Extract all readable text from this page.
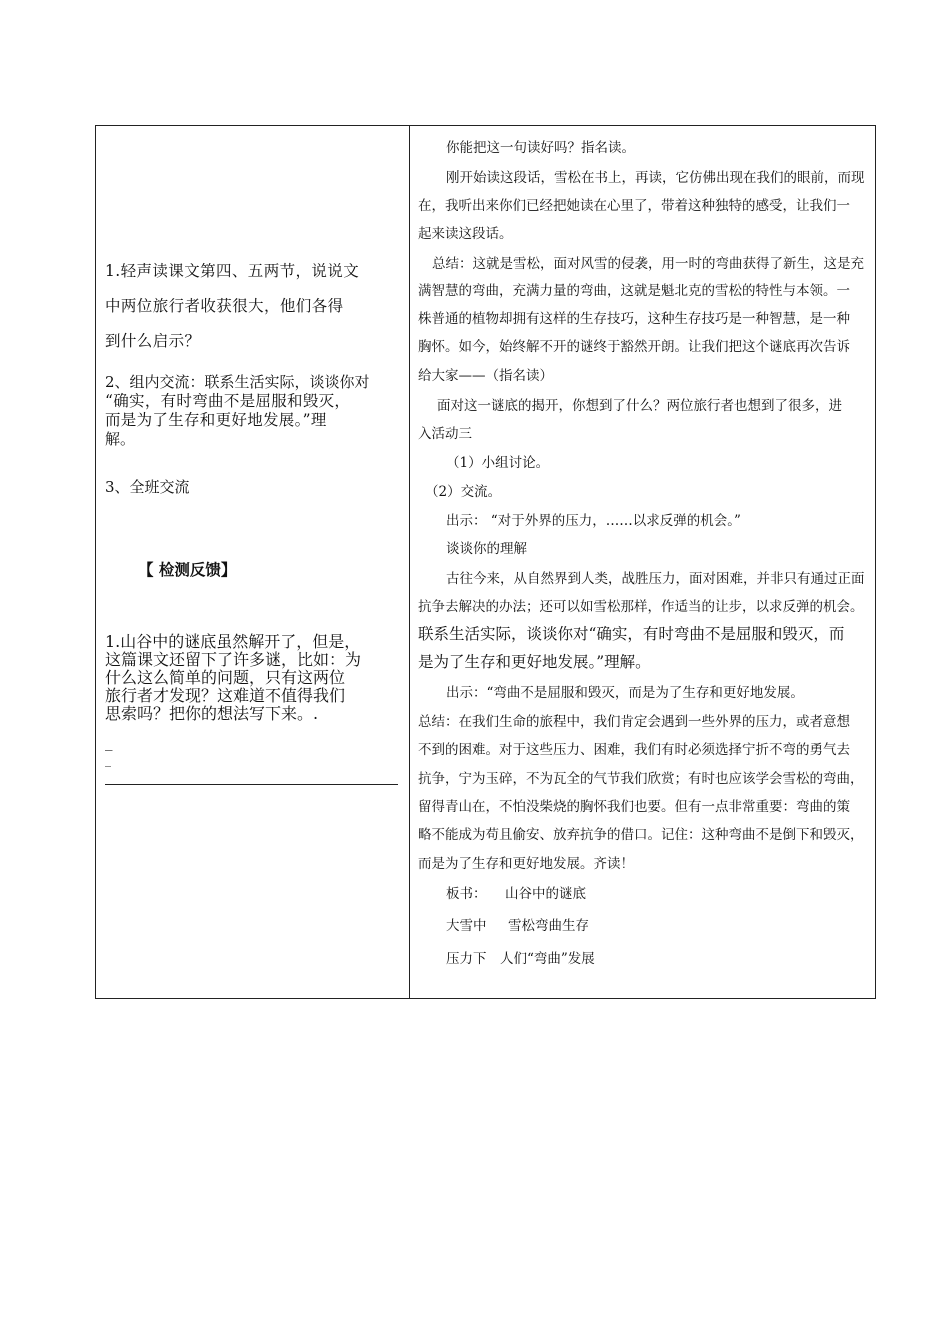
1.轻声读课文第四、五两节，说说文
中两位旅行者收获很大，他们各得
到什么启示？
2、组内交流：联系生活实际，谈谈你对
“确实，有时弯曲不是屈服和毁灭，
而是为了生存和更好地发展。”理
解。
3、全班交流
【 检测反馈】
1.山谷中的谜底虽然解开了，但是，
这篇课文还留下了许多谜，比如：为
什么这么简单的问题，只有这两位
旅行者才发现？这难道不值得我们
思索吗？把你的想法写下来。.
_
_
你能把这一句读好吗？指名读。
刚开始读这段话，雪松在书上，再读，它仿佛出现在我们的眼前，而现
在，我听出来你们已经把她读在心里了，带着这种独特的感受，让我们一
起来读这段话。
总结：这就是雪松，面对风雪的侵袭，用一时的弯曲获得了新生，这是充
满智慧的弯曲，充满力量的弯曲，这就是魁北克的雪松的特性与本领。一
株普通的植物却拥有这样的生存技巧，这种生存技巧是一种智慧，是一种
胸怀。如今，始终解不开的谜终于豁然开朗。让我们把这个谜底再次告诉
给大家——（指名读）
面对这一谜底的揭开，你想到了什么？两位旅行者也想到了很多，进
入活动三
（1）小组讨论。
（2）交流。
出示： “对于外界的压力，……以求反弹的机会。”
谈谈你的理解
古往今来，从自然界到人类，战胜压力，面对困难，并非只有通过正面
抗争去解决的办法；还可以如雪松那样，作适当的让步，以求反弹的机会。
联系生活实际，谈谈你对“确实，有时弯曲不是屈服和毁灭，而
是为了生存和更好地发展。”理解。
出示：“弯曲不是屈服和毁灭，而是为了生存和更好地发展。
总结：在我们生命的旅程中，我们肯定会遇到一些外界的压力，或者意想
不到的困难。对于这些压力、困难，我们有时必须选择宁折不弯的勇气去
抗争，宁为玉碎，不为瓦全的气节我们欣赏；有时也应该学会雪松的弯曲，
留得青山在，不怕没柴烧的胸怀我们也要。但有一点非常重要：弯曲的策
略不能成为苟且偷安、放弃抗争的借口。记住：这种弯曲不是倒下和毁灭，
而是为了生存和更好地发展。齐读！
板书： 山谷中的谜底
大雪中 雪松弯曲生存
压力下 人们“弯曲”发展
